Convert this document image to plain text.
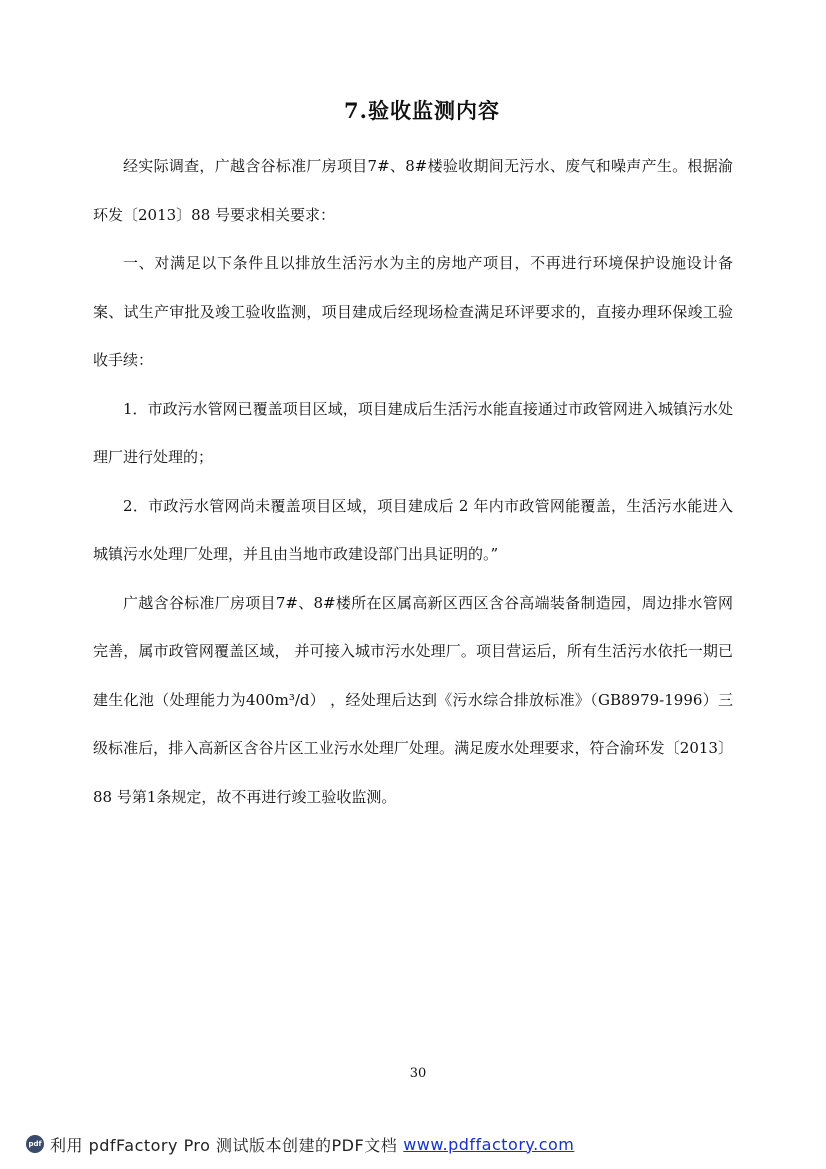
7.验收监测内容

经实际调查，广越含谷标准厂房项目7#、8#楼验收期间无污水、废气和噪声产生。根据渝环发〔2013〕88 号要求相关要求：

一、对满足以下条件且以排放生活污水为主的房地产项目，不再进行环境保护设施设计备案、试生产审批及竣工验收监测，项目建成后经现场检查满足环评要求的，直接办理环保竣工验收手续：

1．市政污水管网已覆盖项目区域，项目建成后生活污水能直接通过市政管网进入城镇污水处理厂进行处理的；

2．市政污水管网尚未覆盖项目区域，项目建成后 2 年内市政管网能覆盖，生活污水能进入城镇污水处理厂处理，并且由当地市政建设部门出具证明的。”

广越含谷标准厂房项目7#、8#楼所在区属高新区西区含谷高端装备制造园，周边排水管网完善，属市政管网覆盖区域， 并可接入城市污水处理厂。项目营运后，所有生活污水依托一期已建生化池（处理能力为400m³/d） ，经处理后达到《污水综合排放标准》（GB8979-1996）三级标准后，排入高新区含谷片区工业污水处理厂处理。满足废水处理要求，符合渝环发〔2013〕88 号第1条规定，故不再进行竣工验收监测。

30
pdf 利用 pdfFactory Pro 测试版本创建的PDF文档 www.pdffactory.com
